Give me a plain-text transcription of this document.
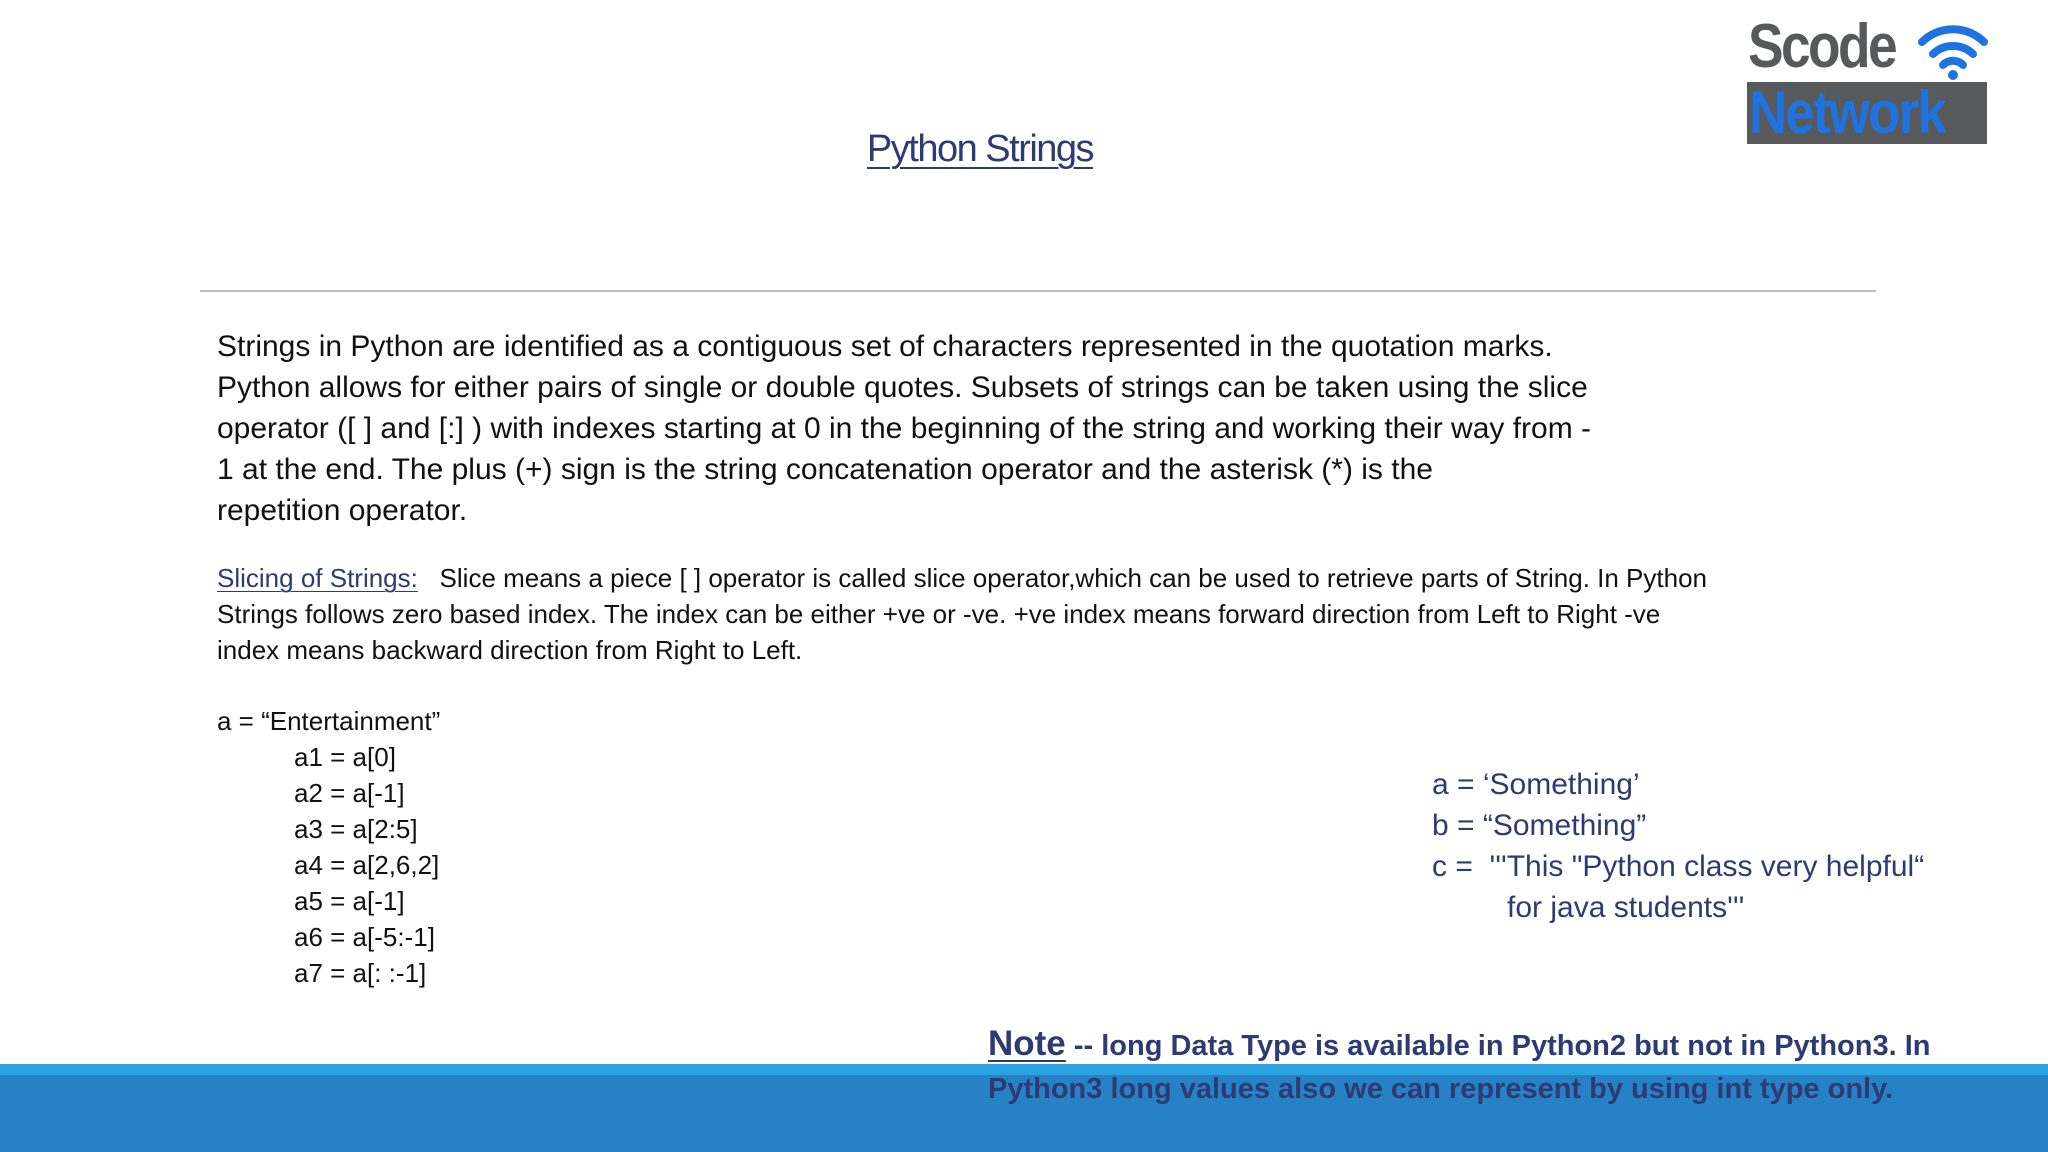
Python Strings
Scode
Network
Strings in Python are identified as a contiguous set of characters represented in the quotation marks.
Python allows for either pairs of single or double quotes. Subsets of strings can be taken using the slice
operator ([ ] and [:] ) with indexes starting at 0 in the beginning of the string and working their way from -
1 at the end. The plus (+) sign is the string concatenation operator and the asterisk (*) is the
repetition operator.
Slicing of Strings: Slice means a piece [ ] operator is called slice operator,which can be used to retrieve parts of String. In Python
Strings follows zero based index. The index can be either +ve or -ve. +ve index means forward direction from Left to Right -ve
index means backward direction from Right to Left.
a = “Entertainment”
a1 = a[0]
a2 = a[-1]
a3 = a[2:5]
a4 = a[2,6,2]
a5 = a[-1]
a6 = a[-5:-1]
a7 = a[: :-1]
a = ‘Something’
b = “Something”
c =  '''This "Python class very helpful“
for java students'''
Note -- long Data Type is available in Python2 but not in Python3. In
Python3 long values also we can represent by using int type only.
